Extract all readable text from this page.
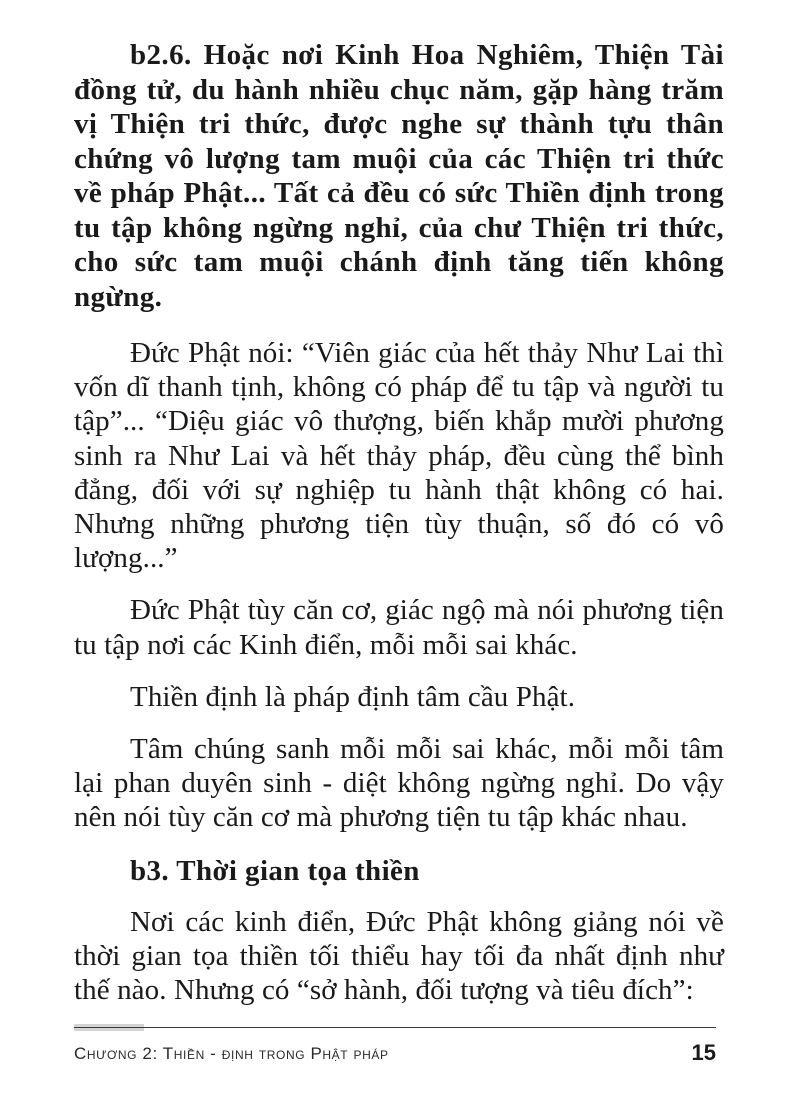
b2.6. Hoặc nơi Kinh Hoa Nghiêm, Thiện Tài đồng tử, du hành nhiều chục năm, gặp hàng trăm vị Thiện tri thức, được nghe sự thành tựu thân chứng vô lượng tam muội của các Thiện tri thức về pháp Phật... Tất cả đều có sức Thiền định trong tu tập không ngừng nghỉ, của chư Thiện tri thức, cho sức tam muội chánh định tăng tiến không ngừng.

Đức Phật nói: “Viên giác của hết thảy Như Lai thì vốn dĩ thanh tịnh, không có pháp để tu tập và người tu tập”... “Diệu giác vô thượng, biến khắp mười phương sinh ra Như Lai và hết thảy pháp, đều cùng thể bình đẳng, đối với sự nghiệp tu hành thật không có hai. Nhưng những phương tiện tùy thuận, số đó có vô lượng...”

Đức Phật tùy căn cơ, giác ngộ mà nói phương tiện tu tập nơi các Kinh điển, mỗi mỗi sai khác.

Thiền định là pháp định tâm cầu Phật.

Tâm chúng sanh mỗi mỗi sai khác, mỗi mỗi tâm lại phan duyên sinh - diệt không ngừng nghỉ. Do vậy nên nói tùy căn cơ mà phương tiện tu tập khác nhau.

b3. Thời gian tọa thiền

Nơi các kinh điển, Đức Phật không giảng nói về thời gian tọa thiền tối thiểu hay tối đa nhất định như thế nào. Nhưng có “sở hành, đối tượng và tiêu đích”:

Chương 2: Thiền - định trong Phật pháp	15
